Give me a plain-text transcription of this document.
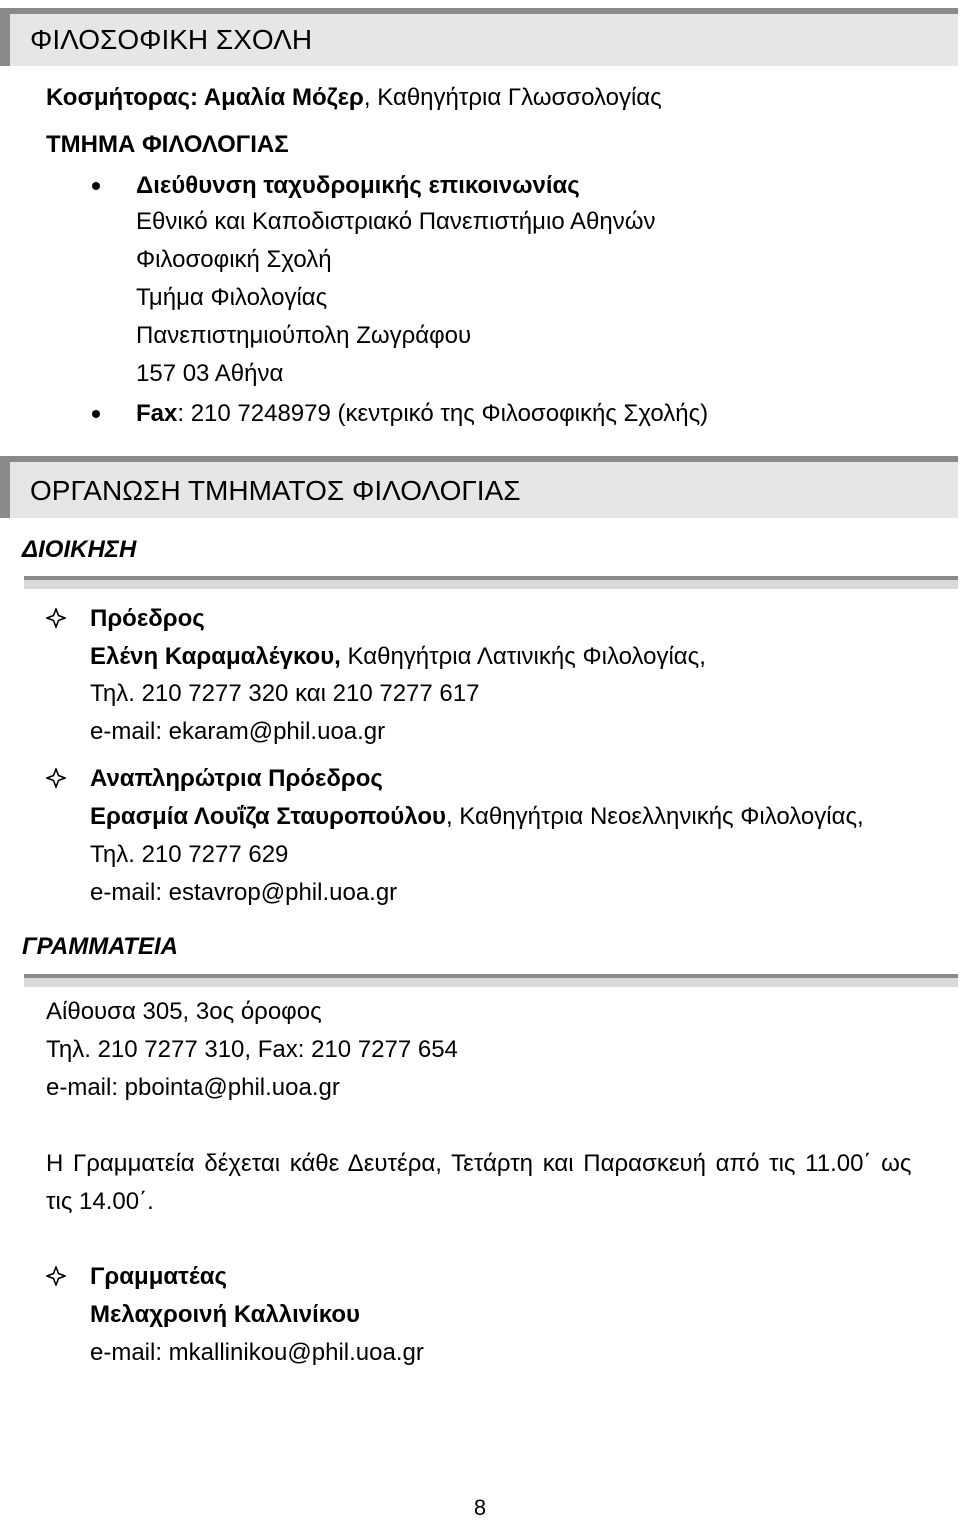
ΦΙΛΟΣΟΦΙΚΗ ΣΧΟΛΗ
Κοσμήτορας: Αμαλία Μόζερ, Καθηγήτρια Γλωσσολογίας
ΤΜΗΜΑ ΦΙΛΟΛΟΓΙΑΣ
Διεύθυνση ταχυδρομικής επικοινωνίας
Εθνικό και Καποδιστριακό Πανεπιστήμιο Αθηνών
Φιλοσοφική Σχολή
Τμήμα Φιλολογίας
Πανεπιστημιούπολη Ζωγράφου
157 03 Αθήνα
Fax: 210 7248979 (κεντρικό της Φιλοσοφικής Σχολής)
ΟΡΓΑΝΩΣΗ ΤΜΗΜΑΤΟΣ ΦΙΛΟΛΟΓΙΑΣ
ΔΙΟΙΚΗΣΗ
Πρόεδρος
Ελένη Καραμαλέγκου, Καθηγήτρια Λατινικής Φιλολογίας,
Τηλ. 210 7277 320 και 210 7277 617
e-mail: ekaram@phil.uoa.gr
Αναπληρώτρια Πρόεδρος
Ερασμία Λουΐζα Σταυροπούλου, Καθηγήτρια Νεοελληνικής Φιλολογίας,
Τηλ. 210 7277 629
e-mail: estavrop@phil.uoa.gr
ΓΡΑΜΜΑΤΕΙΑ
Αίθουσα 305, 3ος όροφος
Τηλ. 210 7277 310, Fax: 210 7277 654
e-mail: pbointa@phil.uoa.gr
Η Γραμματεία δέχεται κάθε Δευτέρα, Τετάρτη και Παρασκευή από τις 11.00΄ ως
τις 14.00΄.
Γραμματέας
Μελαχροινή Καλλινίκου
e-mail: mkallinikou@phil.uoa.gr
8
